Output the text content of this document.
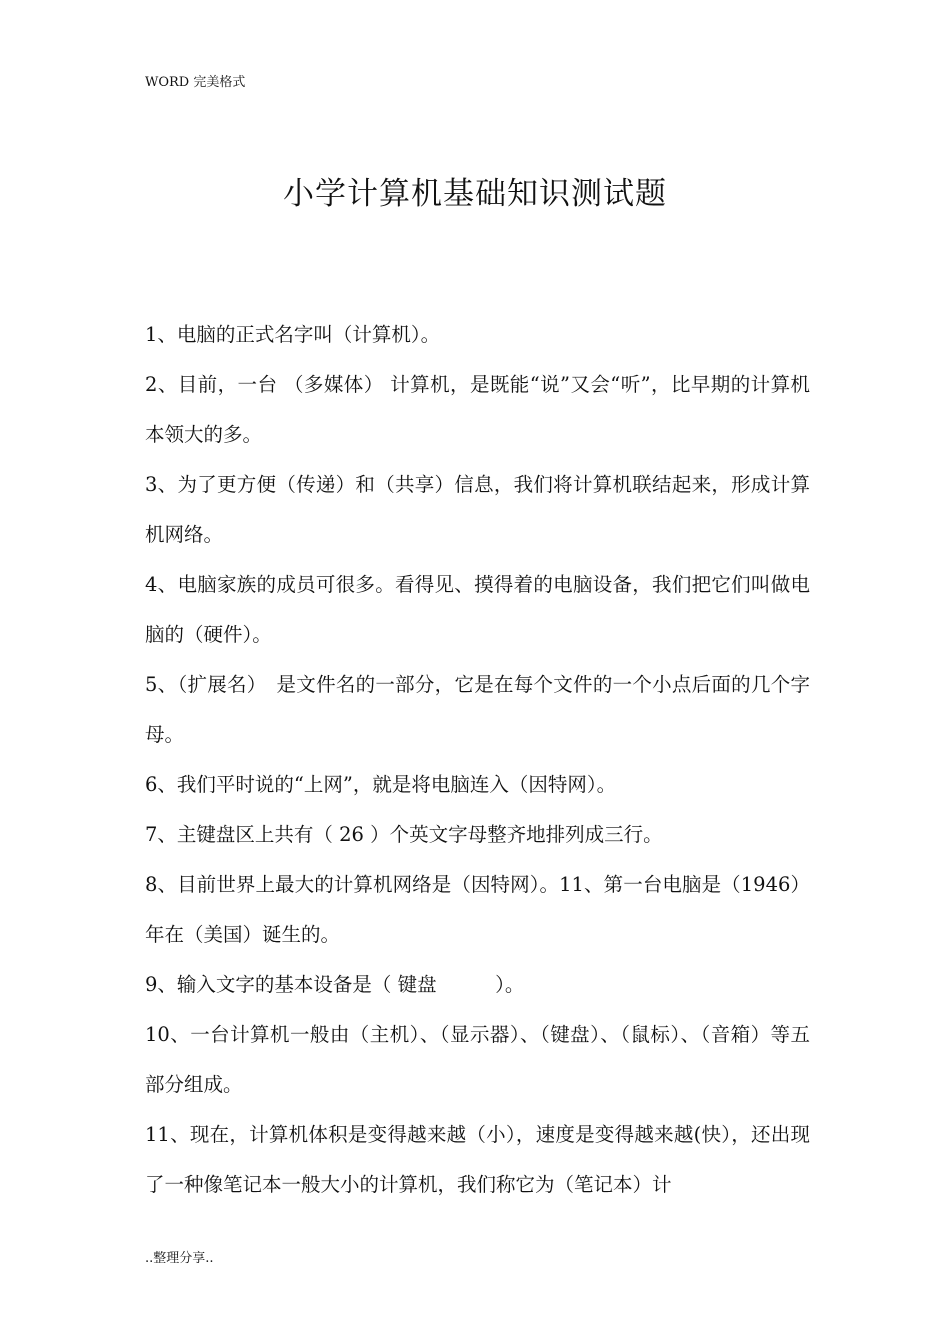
WORD 完美格式
小学计算机基础知识测试题

1、电脑的正式名字叫（计算机）。

2、目前，一台 （多媒体） 计算机，是既能“说”又会“听”，比早期的计算机本领大的多。

3、为了更方便（传递）和（共享）信息，我们将计算机联结起来，形成计算机网络。

4、电脑家族的成员可很多。看得见、摸得着的电脑设备，我们把它们叫做电脑的（硬件）。

5、（扩展名）　是文件名的一部分，它是在每个文件的一个小点后面的几个字母。

6、我们平时说的“上网”，就是将电脑连入（因特网）。

7、主键盘区上共有（ 26 ）个英文字母整齐地排列成三行。

8、目前世界上最大的计算机网络是（因特网）。11、第一台电脑是（1946）年在（美国）诞生的。

9、输入文字的基本设备是（ 键盘　　　）。

10、一台计算机一般由（主机）、（显示器）、（键盘）、（鼠标）、（音箱）等五部分组成。

11、现在，计算机体积是变得越来越（小），速度是变得越来越(快），还出现了一种像笔记本一般大小的计算机，我们称它为（笔记本）计

..整理分享..
